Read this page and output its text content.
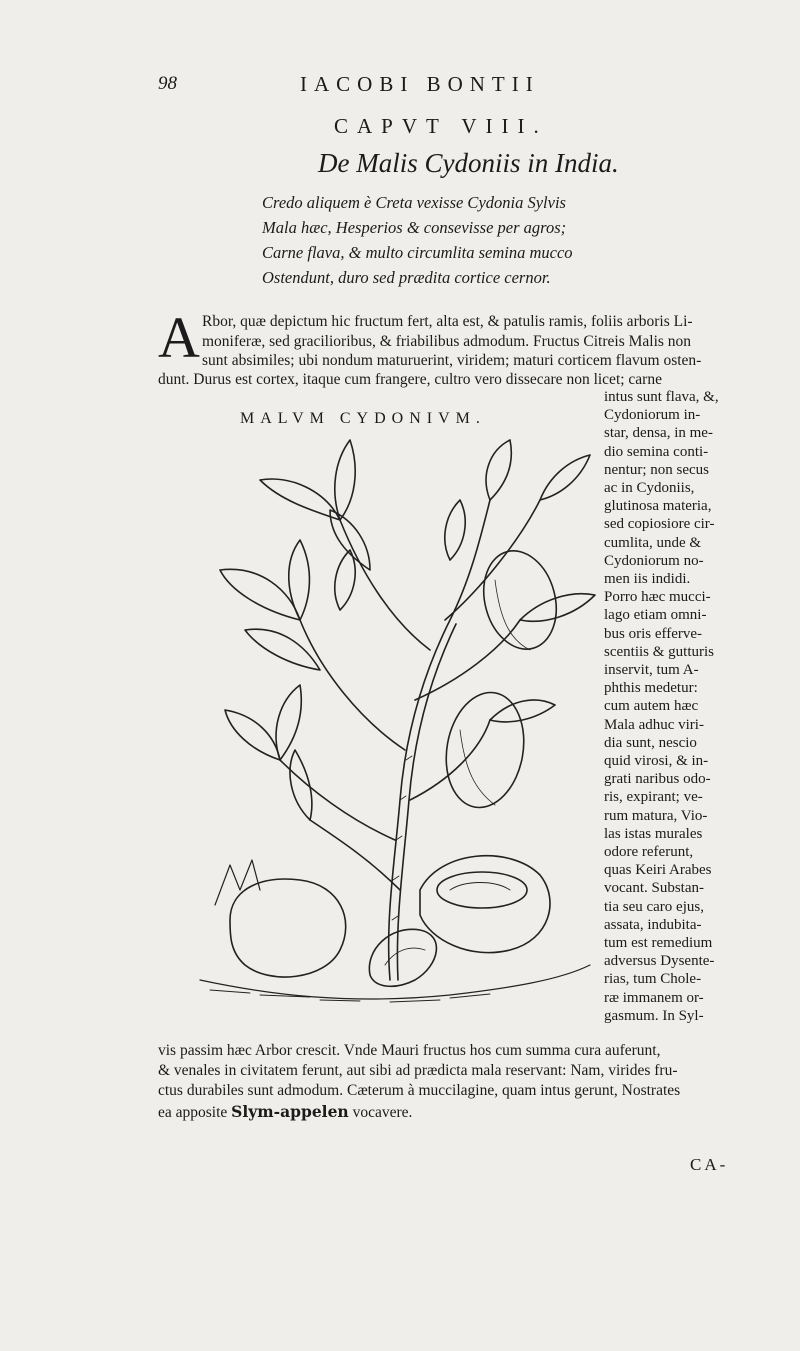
98	IACOBI BONTII
CAPVT VIII.
De Malis Cydoniis in India.
Credo aliquem è Creta vexisse Cydonia Sylvis
Mala hæc, Hesperios & consevisse per agros;
Carne flava, & multo circumlita semina mucco
Ostendunt, duro sed prædita cortice cernor.
A Rbor, quæ depictum hic fructum fert, alta est, & patulis ramis, foliis arboris Li-
moniferæ, sed gracilioribus, & friabilibus admodum. Fructus Citreis Malis non
sunt absimiles; ubi nondum maturuerint, viridem; maturi corticem flavum osten-
dunt. Durus est cortex, itaque cum frangere, cultro vero dissecare non licet; carne
MALVM CYDONIVM.
intus sunt flava, &,
Cydoniorum in-
star, densa, in me-
dio semina conti-
nentur; non secus
ac in Cydoniis,
glutinosa materia,
sed copiosiore cir-
cumlita, unde &
Cydoniorum no-
men iis indidi.
Porro hæc mucci-
lago etiam omni-
bus oris efferve-
scentiis & gutturis
inservit, tum A-
phthis medetur:
cum autem hæc
Mala adhuc viri-
dia sunt, nescio
quid virosi, & in-
grati naribus odo-
ris, expirant; ve-
rum matura, Vio-
las istas murales
odore referunt,
quas Keiri Arabes
vocant. Substan-
tia seu caro ejus,
assata, indubita-
tum est remedium
adversus Dysente-
rias, tum Chole-
ræ immanem or-
gasmum. In Syl-
vis passim hæc Arbor crescit. Vnde Mauri fructus hos cum summa cura auferunt,
& venales in civitatem ferunt, aut sibi ad prædicta mala reservant: Nam, virides fru-
ctus durabiles sunt admodum. Cæterum à muccilagine, quam intus gerunt, Nostrates
ea apposite Slym-appelen vocavere.
CA-
